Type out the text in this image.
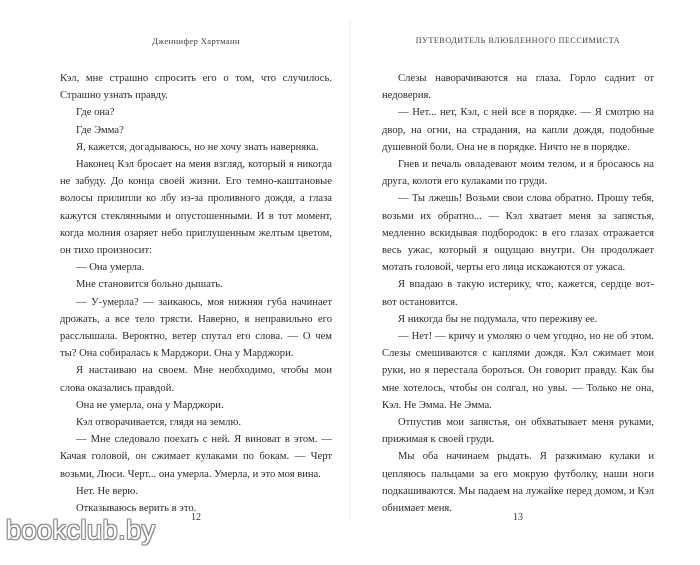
Дженнифер Хартманн

Кэл, мне страшно спросить его о том, что случилось. Страшно узнать правду.

Где она?

Где Эмма?

Я, кажется, догадываюсь, но не хочу знать наверняка.

Наконец Кэл бросает на меня взгляд, который я никогда не забуду. До конца своей жизни. Его темно-каштановые волосы прилипли ко лбу из-за проливного дождя, а глаза кажутся стеклянными и опустошенными. И в тот момент, когда молния озаряет небо приглушенным желтым цветом, он тихо произносит:

— Она умерла.

Мне становится больно дышать.

— У-умерла? — заикаюсь, моя нижняя губа начинает дрожать, а все тело трясти. Наверно, я неправильно его расслышала. Вероятно, ветер спутал его слова. — О чем ты? Она собиралась к Марджори. Она у Марджори.

Я настаиваю на своем. Мне необходимо, чтобы мои слова оказались правдой.

Она не умерла, она у Марджори.

Кэл отворачивается, глядя на землю.

— Мне следовало поехать с ней. Я виноват в этом. — Качая головой, он сжимает кулаками по бокам. — Черт возьми, Люси. Черт... она умерла. Умерла, и это моя вина.

Нет. Не верю.

Отказываюсь верить в это.

12
ПУТЕВОДИТЕЛЬ ВЛЮБЛЕННОГО ПЕССИМИСТА

Слезы наворачиваются на глаза. Горло саднит от недоверия.

— Нет... нет, Кэл, с ней все в порядке. — Я смотрю на двор, на огни, на страдания, на капли дождя, подобные душевной боли. Она не в порядке. Ничто не в порядке.

Гнев и печаль овладевают моим телом, и я бросаюсь на друга, колотя его кулаками по груди.

— Ты лжешь! Возьми свои слова обратно. Прошу тебя, возьми их обратно... — Кэл хватает меня за запястья, медленно вскидывая подбородок: в его глазах отражается весь ужас, который я ощущаю внутри. Он продолжает мотать головой, черты его лица искажаются от ужаса.

Я впадаю в такую истерику, что, кажется, сердце вот-вот остановится.

Я никогда бы не подумала, что переживу ее.

— Нет! — кричу и умоляю о чем угодно, но не об этом. Слезы смешиваются с каплями дождя. Кэл сжимает мои руки, но я перестала бороться. Он говорит правду. Как бы мне хотелось, чтобы он солгал, но увы. — Только не она, Кэл. Не Эмма. Не Эмма.

Отпустив мои запястья, он обхватывает меня руками, прижимая к своей груди.

Мы оба начинаем рыдать. Я разжимаю кулаки и цепляюсь пальцами за его мокрую футболку, наши ноги подкашиваются. Мы падаем на лужайке перед домом, и Кэл обнимает меня.

13
bookclub.by
